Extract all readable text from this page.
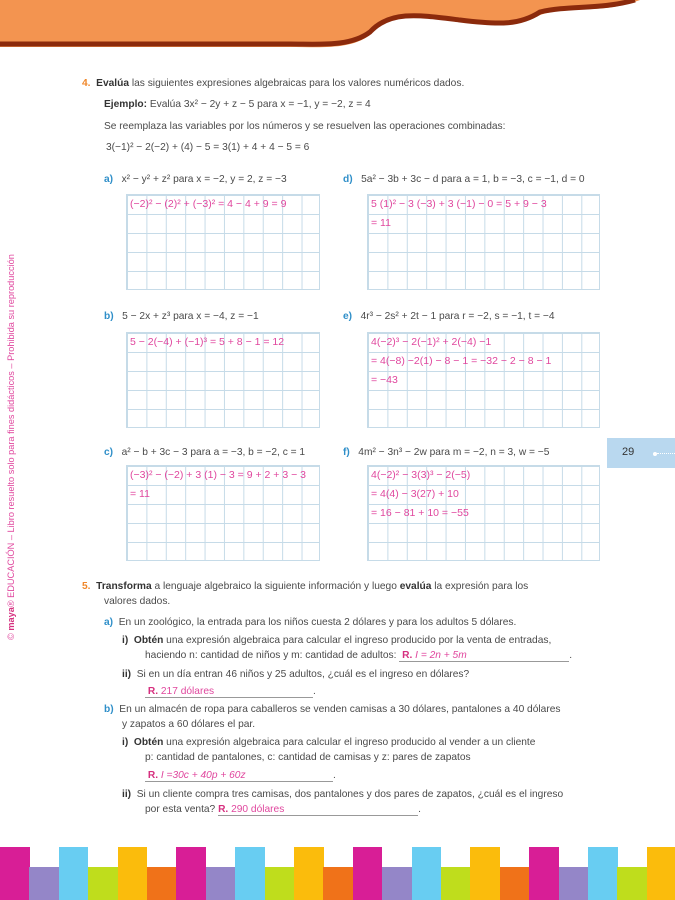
© maya® EDUCACIÓN – Libro resuelto solo para fines didácticos – Prohibida su reproducción	29
4. Evalúa las siguientes expresiones algebraicas para los valores numéricos dados.
Ejemplo: Evalúa 3x² − 2y + z − 5 para x = −1, y = −2, z = 4
Se reemplaza las variables por los números y se resuelven las operaciones combinadas:
3(−1)² − 2(−2) + (4) − 5 = 3(1) + 4 + 4 − 5 = 6
a) x² − y² + z² para x = −2, y = 2, z = −3
(−2)² − (2)² + (−3)² = 4 − 4 + 9 = 9
b) 5 − 2x + z³ para x = −4, z = −1
5 − 2(−4) + (−1)³ = 5 + 8 − 1 = 12
c) a² − b + 3c − 3 para a = −3, b = −2, c = 1
(−3)² − (−2) + 3 (1) − 3 = 9 + 2 + 3 − 3
= 11
d) 5a² − 3b + 3c − d para a = 1, b = −3, c = −1, d = 0
5 (1)² − 3 (−3) + 3 (−1) − 0 = 5 + 9 − 3
= 11
e) 4r³ − 2s² + 2t − 1 para r = −2, s = −1, t = −4
4(−2)³ − 2(−1)² + 2(−4) −1
= 4(−8) −2(1) − 8 − 1 = −32 − 2 − 8 − 1
= −43
f) 4m² − 3n³ − 2w para m = −2, n = 3, w = −5
4(−2)² − 3(3)³ − 2(−5)
= 4(4) − 3(27) + 10
= 16 − 81 + 10 = −55
5. Transforma a lenguaje algebraico la siguiente información y luego evalúa la expresión para los
valores dados.
a) En un zoológico, la entrada para los niños cuesta 2 dólares y para los adultos 5 dólares.
i) Obtén una expresión algebraica para calcular el ingreso producido por la venta de entradas,
haciendo n: cantidad de niños y m: cantidad de adultos:  R. I = 2n + 5m	.
ii) Si en un día entran 46 niños y 25 adultos, ¿cuál es el ingreso en dólares?
R. 217 dólares	.
b) En un almacén de ropa para caballeros se venden camisas a 30 dólares, pantalones a 40 dólares
y zapatos a 60 dólares el par.
i) Obtén una expresión algebraica para calcular el ingreso producido al vender a un cliente
p: cantidad de pantalones, c: cantidad de camisas y z: pares de zapatos
R. I =30c + 40p + 60z	.
ii) Si un cliente compra tres camisas, dos pantalones y dos pares de zapatos, ¿cuál es el ingreso
por esta venta? R. 290 dólares	.
